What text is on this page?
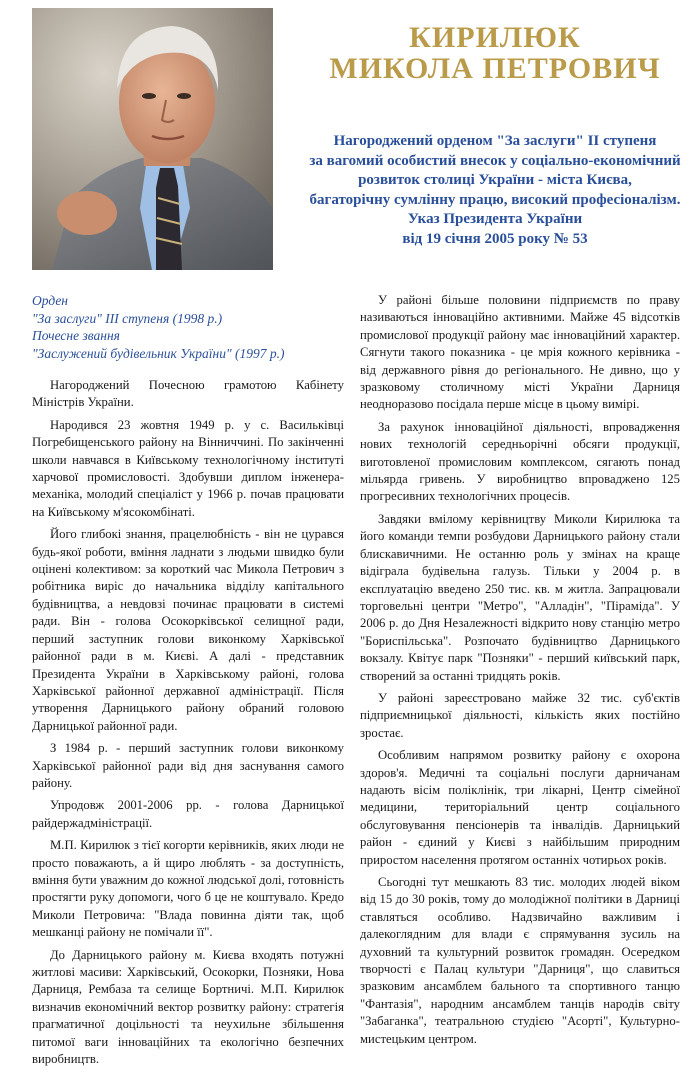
КИРИЛЮК
МИКОЛА ПЕТРОВИЧ
Нагороджений орденом "За заслуги" ІІ ступеня
за вагомий особистий внесок у соціально-економічний
розвиток столиці України - міста Києва,
багаторічну сумлінну працю, високий професіоналізм.
Указ Президента України
від 19 січня 2005 року № 53
Орден
"За заслуги" ІІІ ступеня (1998 р.)
Почесне звання
"Заслужений будівельник України" (1997 р.)

Нагороджений Почесною грамотою Кабінету Міністрів України.

Народився 23 жовтня 1949 р. у с. Васильківці Погребищенського району на Вінниччині. По закінченні школи навчався в Київському технологічному інституті харчової промисловості. Здобувши диплом інженера-механіка, молодий спеціаліст у 1966 р. почав працювати на Київському м'ясокомбінаті.

Його глибокі знання, працелюбність - він не цурався будь-якої роботи, вміння ладнати з людьми швидко були оцінені колективом: за короткий час Микола Петрович з робітника виріс до начальника відділу капітального будівництва, а невдовзі починає працювати в системі ради. Він - голова Осокорківської селищної ради, перший заступник голови виконкому Харківської районної ради в м. Києві. А далі - представник Президента України в Харківському районі, голова Харківської районної державної адміністрації. Після утворення Дарницького району обраний головою Дарницької районної ради.

З 1984 р. - перший заступник голови виконкому Харківської районної ради від дня заснування самого району.

Упродовж 2001-2006 рр. - голова Дарницької райдержадміністрації.

М.П. Кирилюк з тієї когорти керівників, яких люди не просто поважають, а й щиро люблять - за доступність, вміння бути уважним до кожної людської долі, готовність простягти руку допомоги, чого б це не коштувало. Кредо Миколи Петровича: "Влада повинна діяти так, щоб мешканці району не помічали її".

До Дарницького району м. Києва входять потужні житлові масиви: Харківський, Осокорки, Позняки, Нова Дарниця, Рембаза та селище Бортничі. М.П. Кирилюк визначив економічний вектор розвитку району: стратегія прагматичної доцільності та неухильне збільшення питомої ваги інноваційних та екологічно безпечних виробництв.

У районі більше половини підприємств по праву називаються інноваційно активними. Майже 45 відсотків промислової продукції району має інноваційний характер. Сягнути такого показника - це мрія кожного керівника - від державного рівня до регіонального. Не дивно, що у зразковому столичному місті України Дарниця неодноразово посідала перше місце в цьому вимірі.

За рахунок інноваційної діяльності, впровадження нових технологій середньорічні обсяги продукції, виготовленої промисловим комплексом, сягають понад мільярда гривень. У виробництво впроваджено 125 прогресивних технологічних процесів.

Завдяки вмілому керівництву Миколи Кирилюка та його команди темпи розбудови Дарницького району стали блискавичними. Не останню роль у змінах на краще відіграла будівельна галузь. Тільки у 2004 р. в експлуатацію введено 250 тис. кв. м житла. Запрацювали торговельні центри "Метро", "Алладін", "Піраміда". У 2006 р. до Дня Незалежності відкрито нову станцію метро "Бориспільська". Розпочато будівництво Дарницького вокзалу. Квітує парк "Позняки" - перший київський парк, створений за останні тридцять років.

У районі зареєстровано майже 32 тис. суб'єктів підприємницької діяльності, кількість яких постійно зростає.

Особливим напрямом розвитку району є охорона здоров'я. Медичні та соціальні послуги дарничанам надають вісім поліклінік, три лікарні, Центр сімейної медицини, територіальний центр соціального обслуговування пенсіонерів та інвалідів. Дарницький район - єдиний у Києві з найбільшим природним приростом населення протягом останніх чотирьох років.

Сьогодні тут мешкають 83 тис. молодих людей віком від 15 до 30 років, тому до молодіжної політики в Дарниці ставляться особливо. Надзвичайно важливим і далекоглядним для влади є спрямування зусиль на духовний та культурний розвиток громадян. Осередком творчості є Палац культури "Дарниця", що славиться зразковим ансамблем бального та спортивного танцю "Фантазія", народним ансамблем танців народів світу "Забаганка", театральною студією "Асорті", Культурно-мистецьким центром.
